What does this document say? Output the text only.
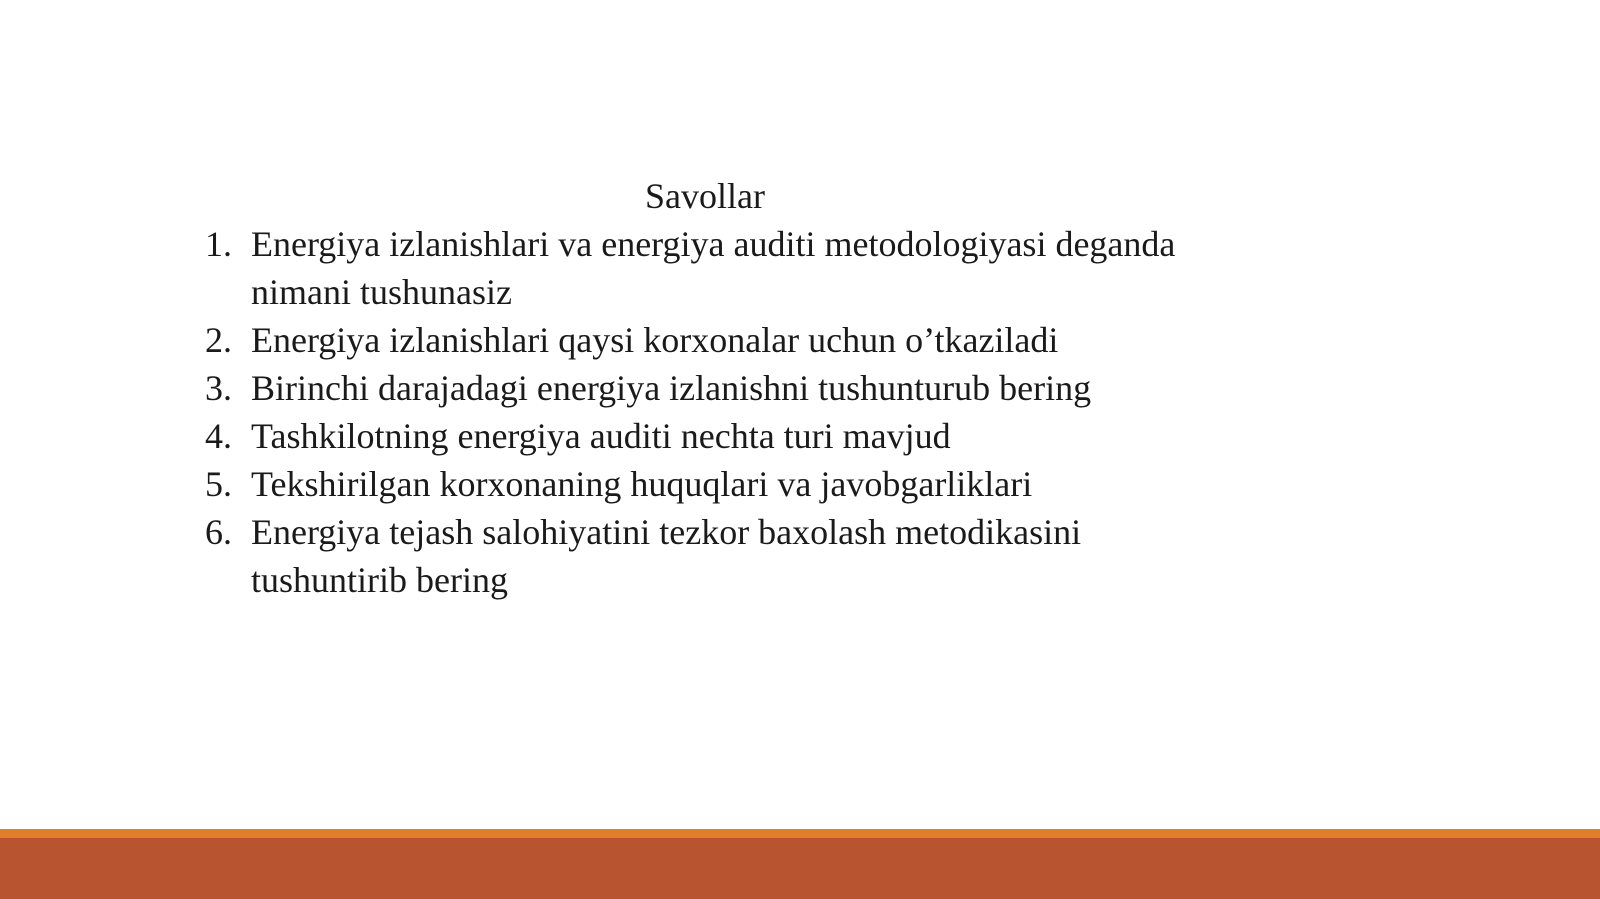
Savollar
1. Energiya izlanishlari va energiya auditi metodologiyasi deganda nimani tushunasiz
2. Energiya izlanishlari qaysi korxonalar uchun o’tkaziladi
3. Birinchi darajadagi energiya izlanishni tushunturub bering
4. Tashkilotning energiya auditi nechta turi mavjud
5. Tekshirilgan korxonaning huquqlari va javobgarliklari
6. Energiya tejash salohiyatini tezkor baxolash metodikasini tushuntirib bering
